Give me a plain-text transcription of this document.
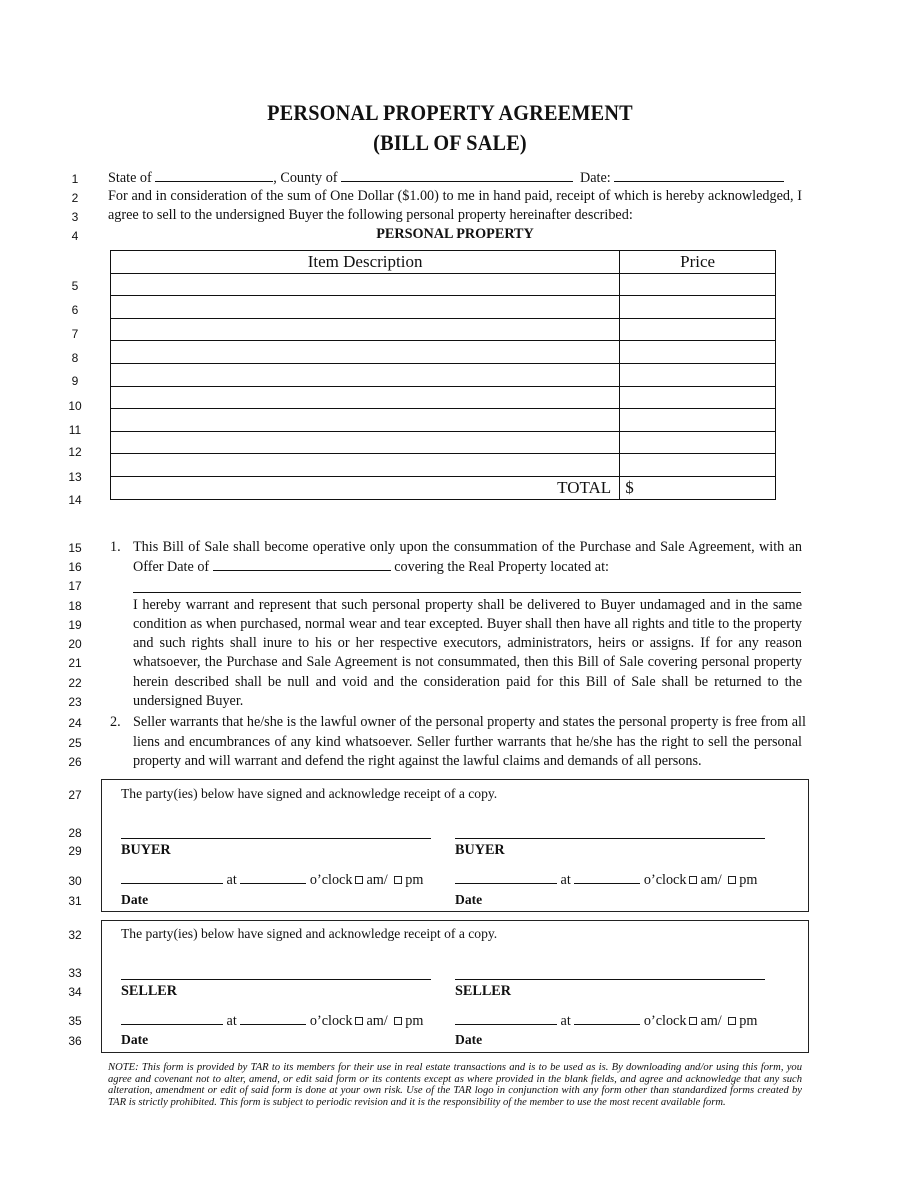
PERSONAL PROPERTY AGREEMENT
(BILL OF SALE)
1
2
3
4
5
6
7
8
9
10
11
12
13
14
15
16
17
18
19
20
21
22
23
24
25
26
27
28
29
30
31
32
33
34
35
36
State of	, County of	Date:
For and in consideration of the sum of One Dollar ($1.00) to me in hand paid, receipt of which is hereby acknowledged, I
agree to sell to the undersigned Buyer the following personal property hereinafter described:
PERSONAL PROPERTY
Item Description	Price

TOTAL	$
1. This Bill of Sale shall become operative only upon the consummation of the Purchase and Sale Agreement, with an
Offer Date of	covering the Real Property located at:
I hereby warrant and represent that such personal property shall be delivered to Buyer undamaged and in the same
condition as when purchased, normal wear and tear excepted. Buyer shall then have all rights and title to the property
and such rights shall inure to his or her respective executors, administrators, heirs or assigns. If for any reason
whatsoever, the Purchase and Sale Agreement is not consummated, then this Bill of Sale covering personal property
herein described shall be null and void and the consideration paid for this Bill of Sale shall be returned to the
undersigned Buyer.
2. Seller warrants that he/she is the lawful owner of the personal property and states the personal property is free from all
liens and encumbrances of any kind whatsoever. Seller further warrants that he/she has the right to sell the personal
property and will warrant and defend the right against the lawful claims and demands of all persons.
The party(ies) below have signed and acknowledge receipt of a copy.
BUYER	BUYER
at	o’clock am/ pm	at	o’clock am/ pm
Date	Date
The party(ies) below have signed and acknowledge receipt of a copy.
SELLER	SELLER
at	o’clock am/ pm	at	o’clock am/ pm
Date	Date
NOTE: This form is provided by TAR to its members for their use in real estate transactions and is to be used as is. By downloading and/or using this form, you agree and covenant not to alter, amend, or edit said form or its contents except as where provided in the blank fields, and agree and acknowledge that any such alteration, amendment or edit of said form is done at your own risk. Use of the TAR logo in conjunction with any form other than standardized forms created by TAR is strictly prohibited. This form is subject to periodic revision and it is the responsibility of the member to use the most recent available form.
